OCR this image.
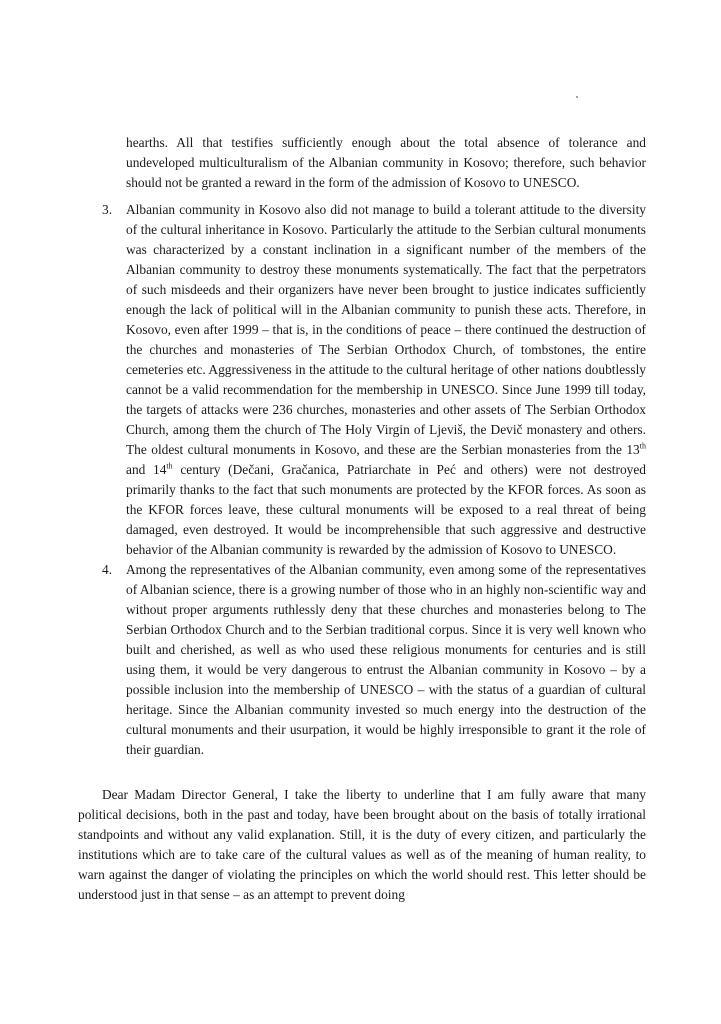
hearths. All that testifies sufficiently enough about the total absence of tolerance and undeveloped multiculturalism of the Albanian community in Kosovo; therefore, such behavior should not be granted a reward in the form of the admission of Kosovo to UNESCO.

3. Albanian community in Kosovo also did not manage to build a tolerant attitude to the diversity of the cultural inheritance in Kosovo. Particularly the attitude to the Serbian cultural monuments was characterized by a constant inclination in a significant number of the members of the Albanian community to destroy these monuments systematically. The fact that the perpetrators of such misdeeds and their organizers have never been brought to justice indicates sufficiently enough the lack of political will in the Albanian community to punish these acts. Therefore, in Kosovo, even after 1999 – that is, in the conditions of peace – there continued the destruction of the churches and monasteries of The Serbian Orthodox Church, of tombstones, the entire cemeteries etc. Aggressiveness in the attitude to the cultural heritage of other nations doubtlessly cannot be a valid recommendation for the membership in UNESCO. Since June 1999 till today, the targets of attacks were 236 churches, monasteries and other assets of The Serbian Orthodox Church, among them the church of The Holy Virgin of Ljeviš, the Devič monastery and others. The oldest cultural monuments in Kosovo, and these are the Serbian monasteries from the 13th and 14th century (Dečani, Gračanica, Patriarchate in Peć and others) were not destroyed primarily thanks to the fact that such monuments are protected by the KFOR forces. As soon as the KFOR forces leave, these cultural monuments will be exposed to a real threat of being damaged, even destroyed. It would be incomprehensible that such aggressive and destructive behavior of the Albanian community is rewarded by the admission of Kosovo to UNESCO.
4. Among the representatives of the Albanian community, even among some of the representatives of Albanian science, there is a growing number of those who in an highly non-scientific way and without proper arguments ruthlessly deny that these churches and monasteries belong to The Serbian Orthodox Church and to the Serbian traditional corpus. Since it is very well known who built and cherished, as well as who used these religious monuments for centuries and is still using them, it would be very dangerous to entrust the Albanian community in Kosovo – by a possible inclusion into the membership of UNESCO – with the status of a guardian of cultural heritage. Since the Albanian community invested so much energy into the destruction of the cultural monuments and their usurpation, it would be highly irresponsible to grant it the role of their guardian.

Dear Madam Director General, I take the liberty to underline that I am fully aware that many political decisions, both in the past and today, have been brought about on the basis of totally irrational standpoints and without any valid explanation. Still, it is the duty of every citizen, and particularly the institutions which are to take care of the cultural values as well as of the meaning of human reality, to warn against the danger of violating the principles on which the world should rest. This letter should be understood just in that sense – as an attempt to prevent doing
